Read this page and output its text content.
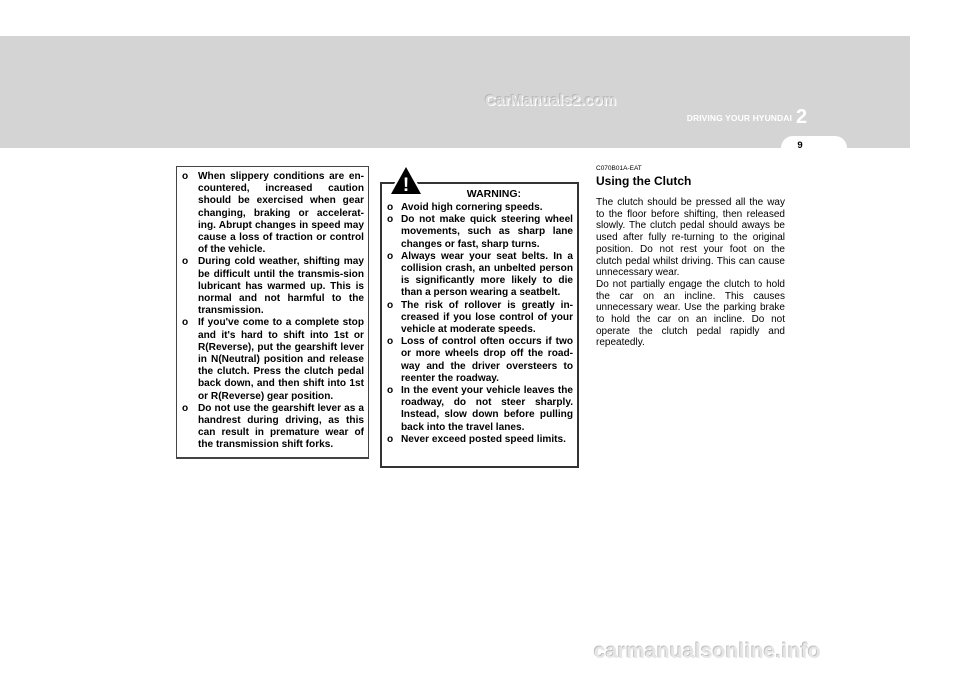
CarManuals2.com
DRIVING YOUR HYUNDAI 2
9
o When slippery conditions are en-countered, increased caution should be exercised when gear changing, braking or accelerat-ing. Abrupt changes in speed may cause a loss of traction or control of the vehicle.
o During cold weather, shifting may be difficult until the transmis-sion lubricant has warmed up. This is normal and not harmful to the transmission.
o If you've come to a complete stop and it's hard to shift into 1st or R(Reverse), put the gearshift lever in N(Neutral) position and release the clutch. Press the clutch pedal back down, and then shift into 1st or R(Reverse) gear position.
o Do not use the gearshift lever as a handrest during driving, as this can result in premature wear of the transmission shift forks.
WARNING:
o Avoid high cornering speeds.
o Do not make quick steering wheel movements, such as sharp lane changes or fast, sharp turns.
o Always wear your seat belts. In a collision crash, an unbelted person is significantly more likely to die than a person wearing a seatbelt.
o The risk of rollover is greatly in-creased if you lose control of your vehicle at moderate speeds.
o Loss of control often occurs if two or more wheels drop off the road-way and the driver oversteers to reenter the roadway.
o In the event your vehicle leaves the roadway, do not steer sharply. Instead, slow down before pulling back into the travel lanes.
o Never exceed posted speed limits.
!

C070B01A-EAT

Using the Clutch

The clutch should be pressed all the way to the floor before shifting, then released slowly. The clutch pedal should aways be used after fully re-turning to the original position. Do not rest your foot on the clutch pedal whilst driving. This can cause unnecessary wear.

Do not partially engage the clutch to hold the car on an incline. This causes unnecessary wear. Use the parking brake to hold the car on an incline. Do not operate the clutch pedal rapidly and repeatedly.

carmanualsonline.info
